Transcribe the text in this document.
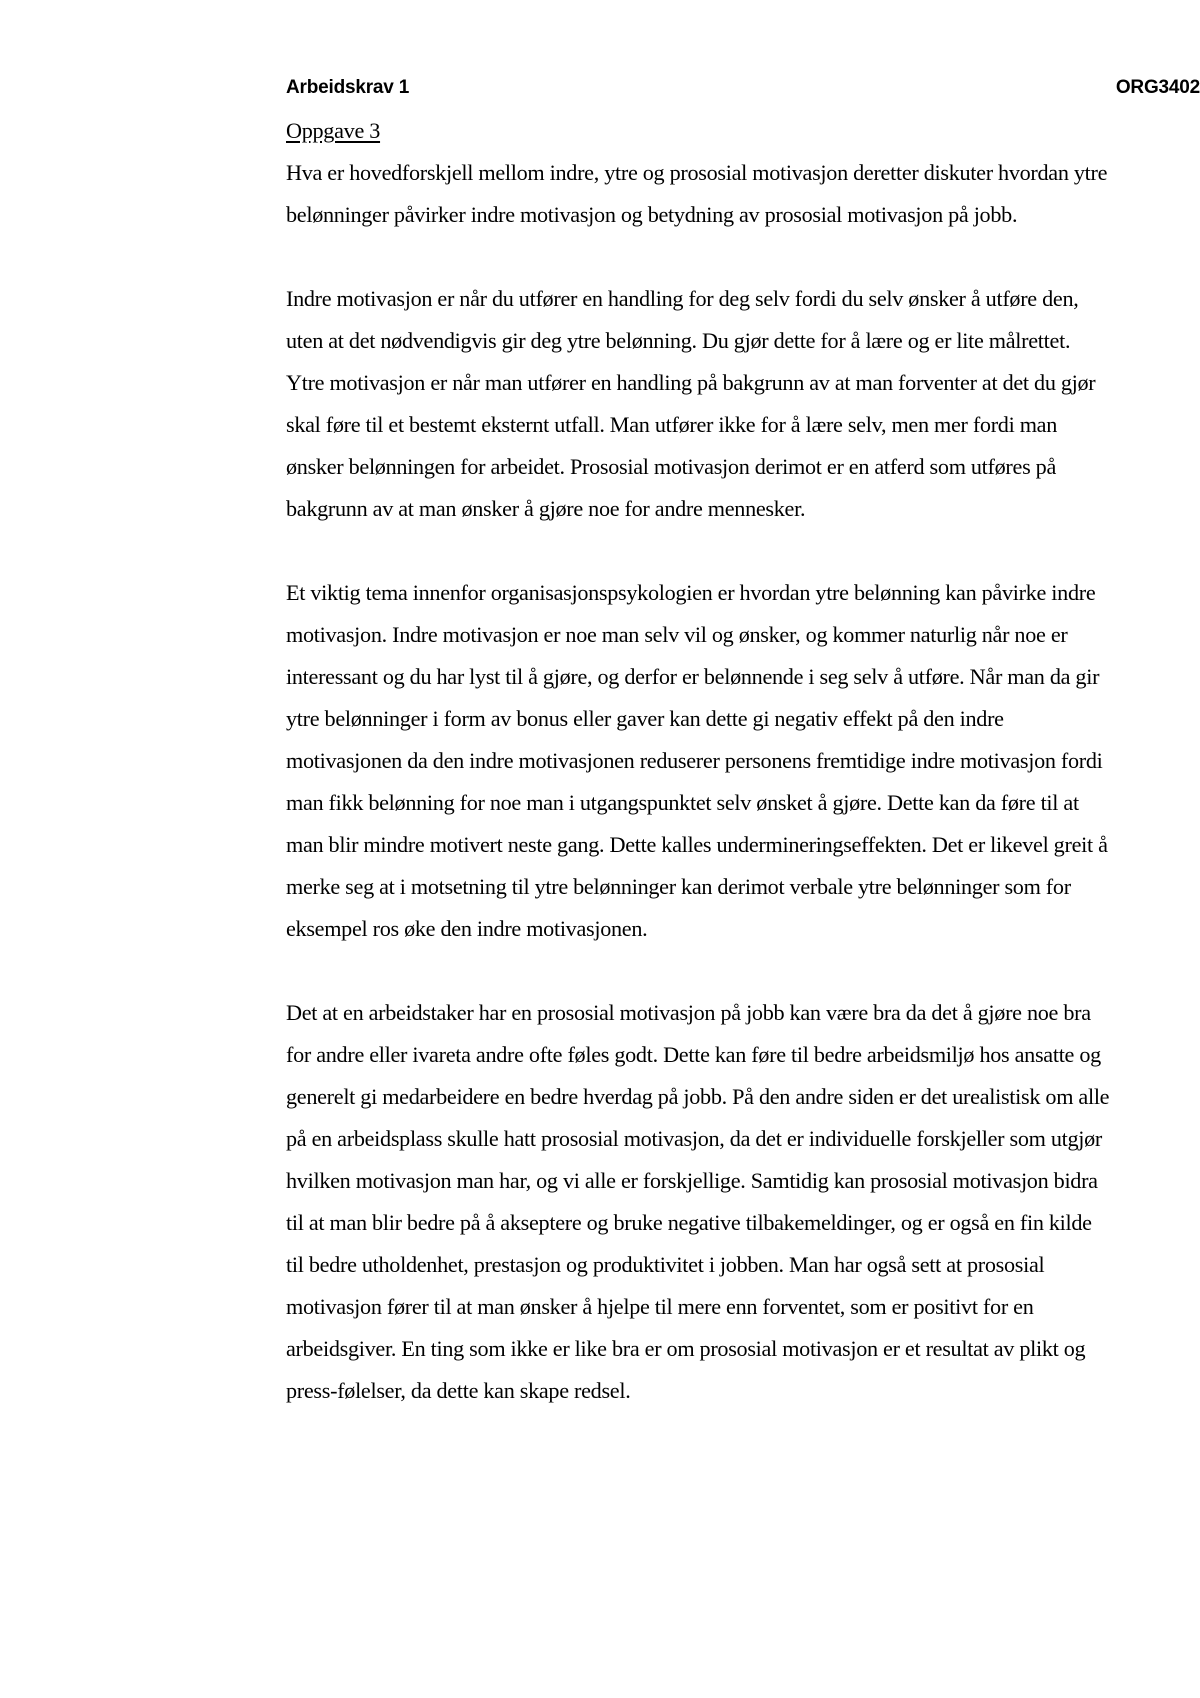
Arbeidskrav 1	ORG3402

Oppgave 3

Hva er hovedforskjell mellom indre, ytre og prososial motivasjon deretter diskuter hvordan ytre belønninger påvirker indre motivasjon og betydning av prososial motivasjon på jobb.

Indre motivasjon er når du utfører en handling for deg selv fordi du selv ønsker å utføre den, uten at det nødvendigvis gir deg ytre belønning. Du gjør dette for å lære og er lite målrettet. Ytre motivasjon er når man utfører en handling på bakgrunn av at man forventer at det du gjør skal føre til et bestemt eksternt utfall. Man utfører ikke for å lære selv, men mer fordi man ønsker belønningen for arbeidet. Prososial motivasjon derimot er en atferd som utføres på bakgrunn av at man ønsker å gjøre noe for andre mennesker.

Et viktig tema innenfor organisasjonspsykologien er hvordan ytre belønning kan påvirke indre motivasjon. Indre motivasjon er noe man selv vil og ønsker, og kommer naturlig når noe er interessant og du har lyst til å gjøre, og derfor er belønnende i seg selv å utføre. Når man da gir ytre belønninger i form av bonus eller gaver kan dette gi negativ effekt på den indre motivasjonen da den indre motivasjonen reduserer personens fremtidige indre motivasjon fordi man fikk belønning for noe man i utgangspunktet selv ønsket å gjøre. Dette kan da føre til at man blir mindre motivert neste gang. Dette kalles undermineringseffekten. Det er likevel greit å merke seg at i motsetning til ytre belønninger kan derimot verbale ytre belønninger som for eksempel ros øke den indre motivasjonen.

Det at en arbeidstaker har en prososial motivasjon på jobb kan være bra da det å gjøre noe bra for andre eller ivareta andre ofte føles godt. Dette kan føre til bedre arbeidsmiljø hos ansatte og generelt gi medarbeidere en bedre hverdag på jobb. På den andre siden er det urealistisk om alle på en arbeidsplass skulle hatt prososial motivasjon, da det er individuelle forskjeller som utgjør hvilken motivasjon man har, og vi alle er forskjellige. Samtidig kan prososial motivasjon bidra til at man blir bedre på å akseptere og bruke negative tilbakemeldinger, og er også en fin kilde til bedre utholdenhet, prestasjon og produktivitet i jobben. Man har også sett at prososial motivasjon fører til at man ønsker å hjelpe til mere enn forventet, som er positivt for en arbeidsgiver. En ting som ikke er like bra er om prososial motivasjon er et resultat av plikt og press-følelser, da dette kan skape redsel.
